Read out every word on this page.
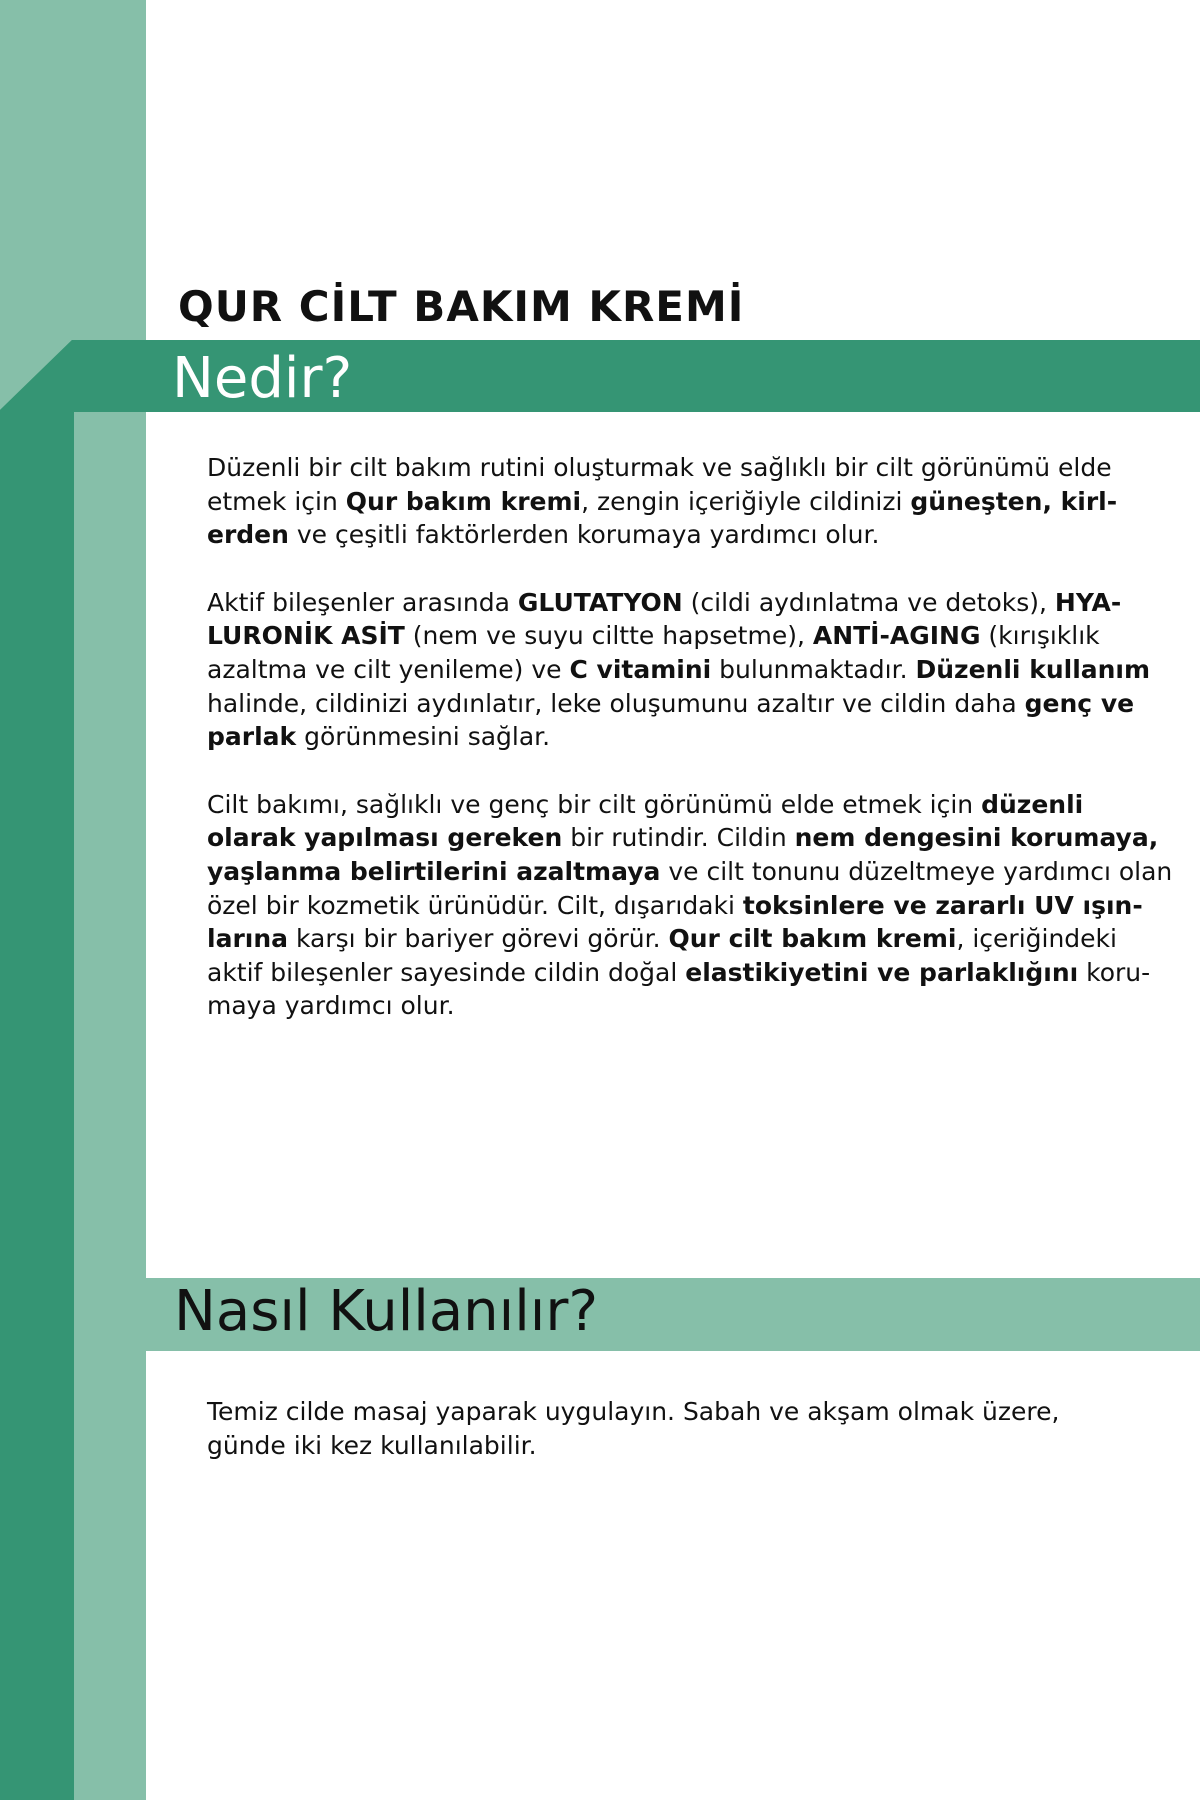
QUR CİLT BAKIM KREMİ
Nedir?

Düzenli bir cilt bakım rutini oluşturmak ve sağlıklı bir cilt görünümü elde
etmek için Qur bakım kremi, zengin içeriğiyle cildinizi güneşten, kirl-
erden ve çeşitli faktörlerden korumaya yardımcı olur.

Aktif bileşenler arasında GLUTATYON (cildi aydınlatma ve detoks), HYA-
LURONİK ASİT (nem ve suyu ciltte hapsetme), ANTİ-AGING (kırışıklık
azaltma ve cilt yenileme) ve C vitamini bulunmaktadır. Düzenli kullanım
halinde, cildinizi aydınlatır, leke oluşumunu azaltır ve cildin daha genç ve
parlak görünmesini sağlar.

Cilt bakımı, sağlıklı ve genç bir cilt görünümü elde etmek için düzenli
olarak yapılması gereken bir rutindir. Cildin nem dengesini korumaya,
yaşlanma belirtilerini azaltmaya ve cilt tonunu düzeltmeye yardımcı olan
özel bir kozmetik ürünüdür. Cilt, dışarıdaki toksinlere ve zararlı UV ışın-
larına karşı bir bariyer görevi görür. Qur cilt bakım kremi, içeriğindeki
aktif bileşenler sayesinde cildin doğal elastikiyetini ve parlaklığını koru-
maya yardımcı olur.

Nasıl Kullanılır?
Temiz cilde masaj yaparak uygulayın. Sabah ve akşam olmak üzere,
günde iki kez kullanılabilir.
